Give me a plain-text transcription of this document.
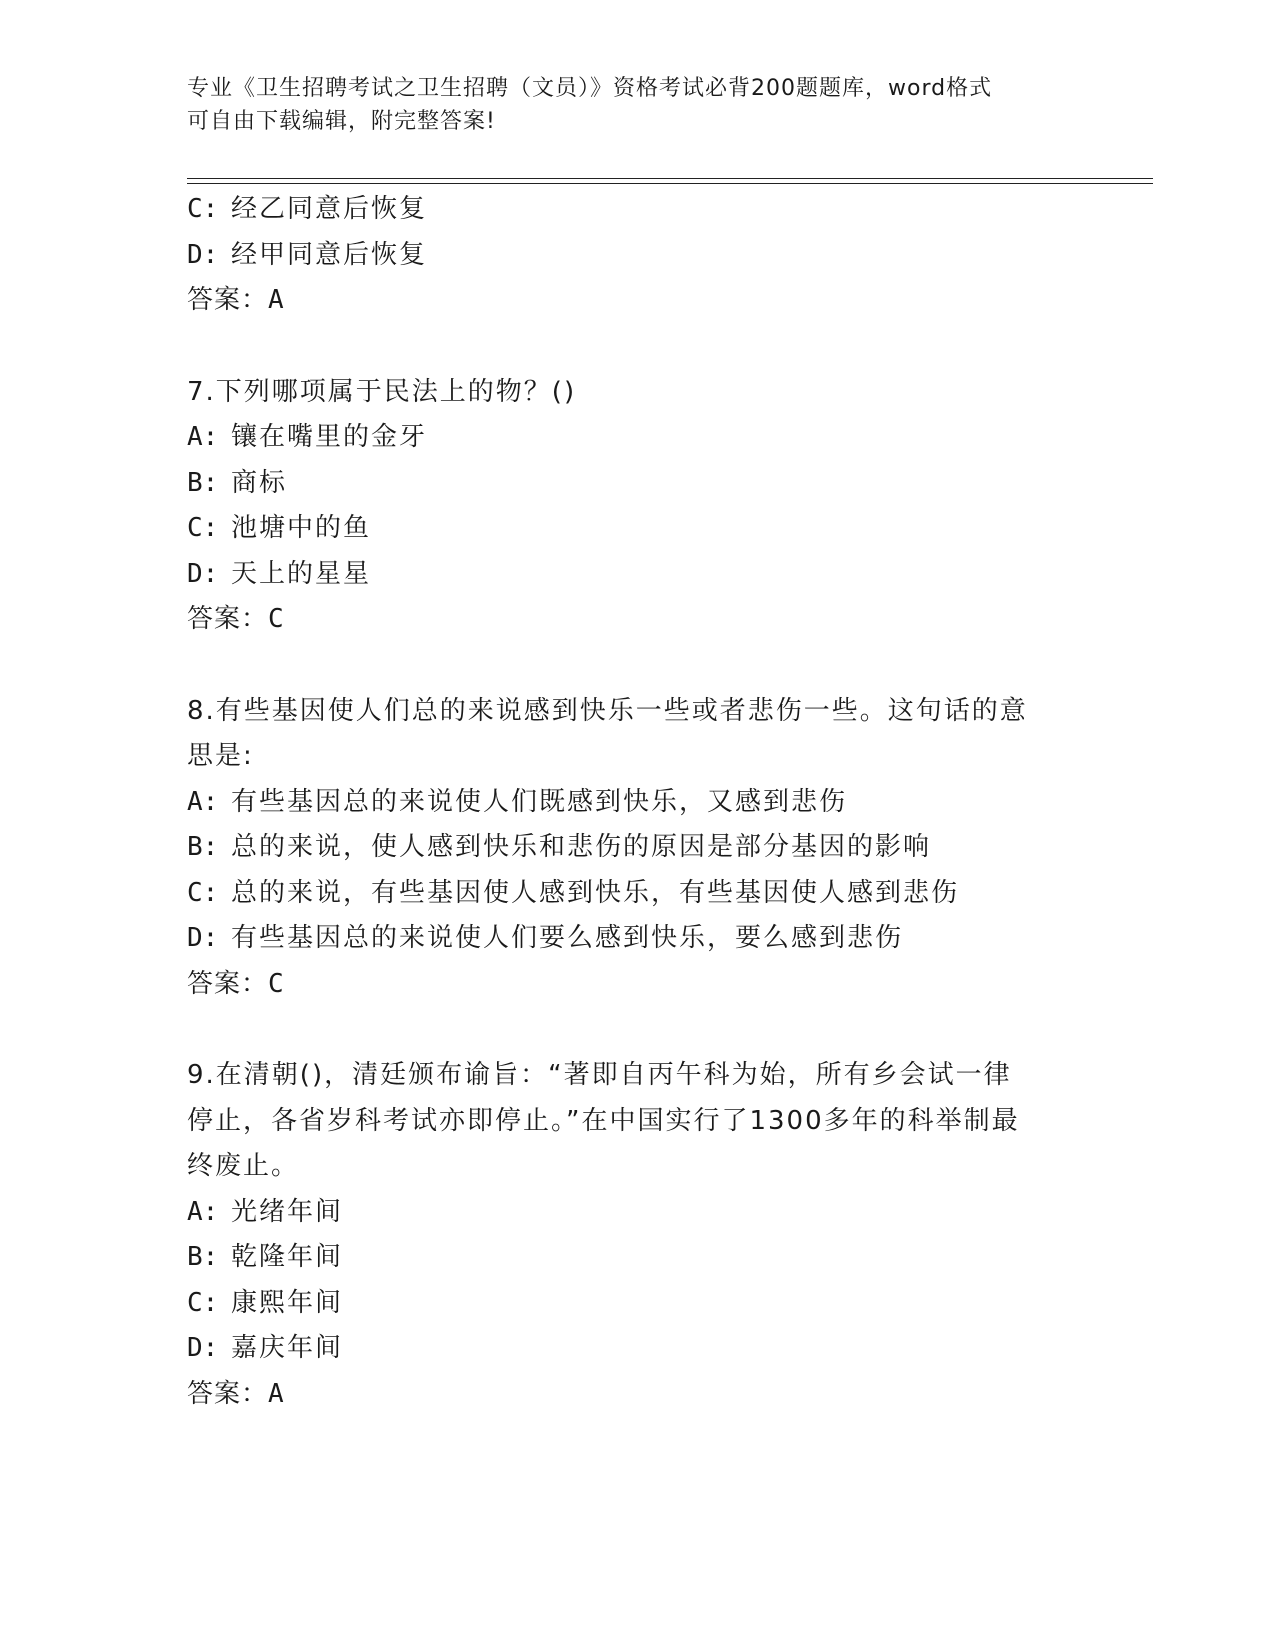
专业《卫生招聘考试之卫生招聘（文员）》资格考试必背200题题库，word格式
可自由下载编辑，附完整答案!
C: 经乙同意后恢复
D: 经甲同意后恢复
答案：A
7.下列哪项属于民法上的物？()
A: 镶在嘴里的金牙
B: 商标
C: 池塘中的鱼
D: 天上的星星
答案：C
8.有些基因使人们总的来说感到快乐一些或者悲伤一些。这句话的意
思是:
A: 有些基因总的来说使人们既感到快乐，又感到悲伤
B: 总的来说，使人感到快乐和悲伤的原因是部分基因的影响
C: 总的来说，有些基因使人感到快乐，有些基因使人感到悲伤
D: 有些基因总的来说使人们要么感到快乐，要么感到悲伤
答案：C
9.在清朝()，清廷颁布谕旨：“著即自丙午科为始，所有乡会试一律
停止，各省岁科考试亦即停止。”在中国实行了1300多年的科举制最
终废止。
A: 光绪年间
B: 乾隆年间
C: 康熙年间
D: 嘉庆年间
答案：A
